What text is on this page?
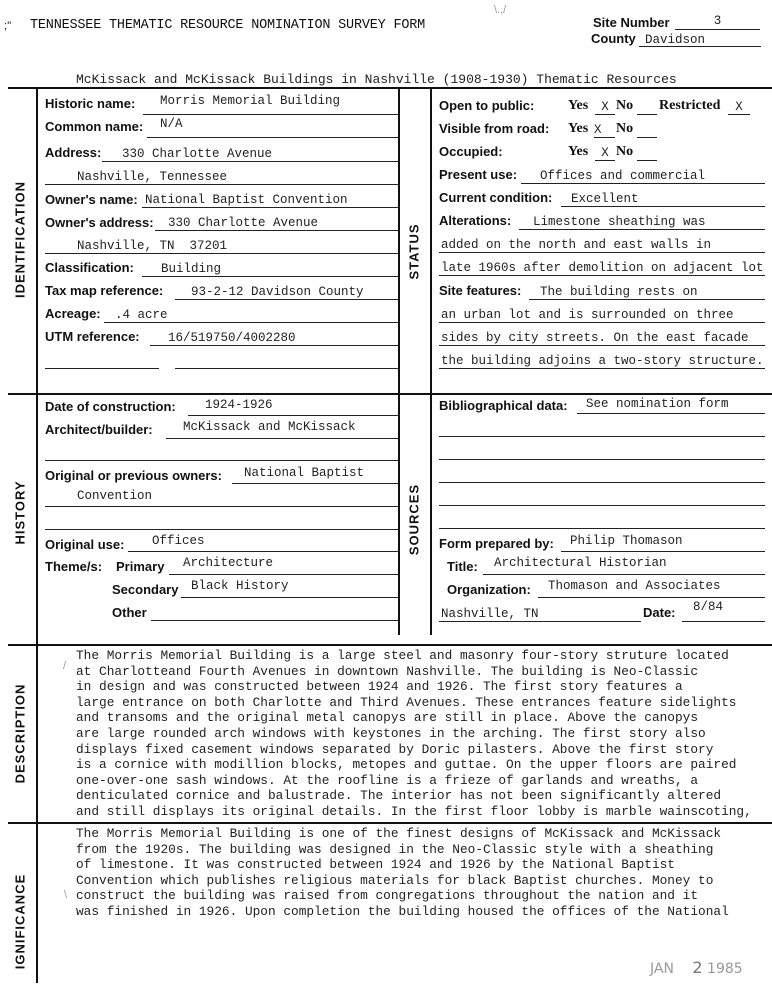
;" TENNESSEE THEMATIC RESOURCE NOMINATION SURVEY FORM
\.,/
Site Number	3
County Davidson
McKissack and McKissack Buildings in Nashville (1908-1930) Thematic Resources
IDENTIFICATION	STATUS
HISTORY	SOURCES
DESCRIPTION
IGNIFICANCE
Historic name: Morris Memorial Building
Common name: N/A
Address: 330 Charlotte Avenue
Nashville, Tennessee
Owner's name: National Baptist Convention
Owner's address: 330 Charlotte Avenue
Nashville, TN  37201
Classification: Building
Tax map reference: 93-2-12 Davidson County
Acreage: .4 acre
UTM reference: 16/519750/4002280
Open to public: Yes	X No Restricted	X
Visible from road: Yes X	No
Occupied:	Yes	X No
Present use: Offices and commercial
Current condition: Excellent
Alterations: Limestone sheathing was
added on the north and east walls in
late 1960s after demolition on adjacent lot
Site features: The building rests on
an urban lot and is surrounded on three
sides by city streets. On the east facade
the building adjoins a two-story structure.
Date of construction: 1924-1926
Architect/builder: McKissack and McKissack
Original or previous owners: National Baptist
Convention
Original use: Offices
Theme/s: Primary Architecture
Secondary Black History
Other
Bibliographical data: See nomination form
Form prepared by: Philip Thomason
Title: Architectural Historian
Organization: Thomason and Associates
Nashville, TN	Date: 8/84
/
The Morris Memorial Building is a large steel and masonry four-story struture located
at Charlotteand Fourth Avenues in downtown Nashville. The building is Neo-Classic
in design and was constructed between 1924 and 1926. The first story features a
large entrance on both Charlotte and Third Avenues. These entrances feature sidelights
and transoms and the original metal canopys are still in place. Above the canopys
are large rounded arch windows with keystones in the arching. The first story also
displays fixed casement windows separated by Doric pilasters. Above the first story
is a cornice with modillion blocks, metopes and guttae. On the upper floors are paired
one-over-one sash windows. At the roofline is a frieze of garlands and wreaths, a
denticulated cornice and balustrade. The interior has not been significantly altered
and still displays its original details. In the first floor lobby is marble wainscoting,
\
The Morris Memorial Building is one of the finest designs of McKissack and McKissack
from the 1920s. The building was designed in the Neo-Classic style with a sheathing
of limestone. It was constructed between 1924 and 1926 by the National Baptist
Convention which publishes religious materials for black Baptist churches. Money to
construct the building was raised from congregations throughout the nation and it
was finished in 1926. Upon completion the building housed the offices of the National
JAN 2 1985
